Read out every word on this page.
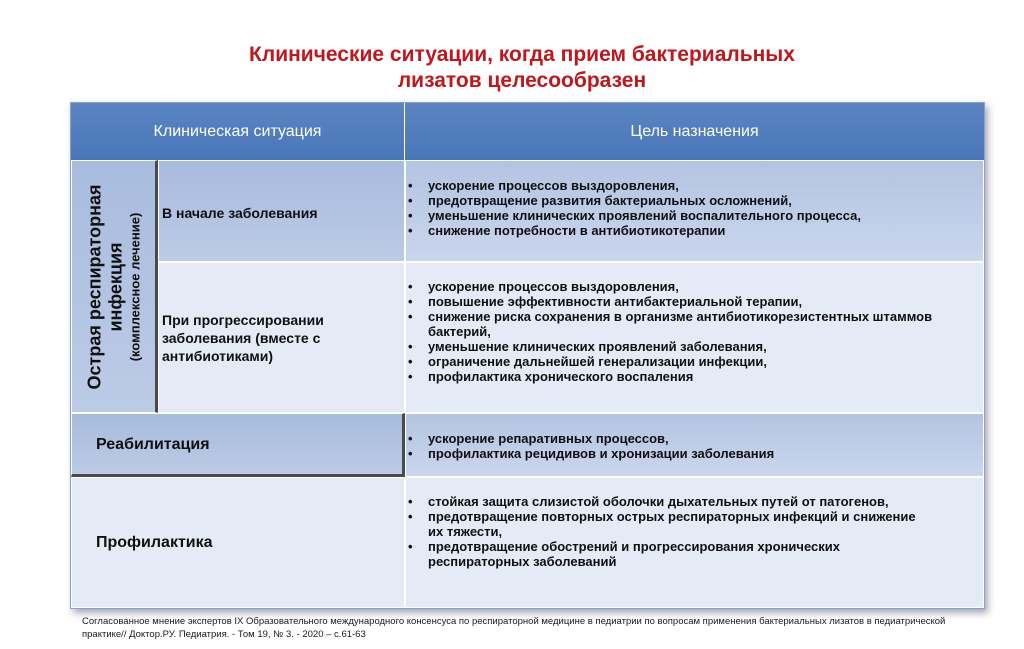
Клинические ситуации, когда прием бактериальных
лизатов целесообразен
Клиническая ситуация	Цель назначения
Острая респираторная инфекция (комплексное лечение) В начале заболевания
• ускорение процессов выздоровления,
• предотвращение развития бактериальных осложнений,
• уменьшение клинических проявлений воспалительного процесса,
• снижение потребности в антибиотикотерапии
При прогрессировании заболевания (вместе с антибиотиками)
• ускорение процессов выздоровления,
• повышение эффективности антибактериальной терапии,
• снижение риска сохранения в организме антибиотикорезистентных штаммов бактерий,
• уменьшение клинических проявлений заболевания,
• ограничение дальнейшей генерализации инфекции,
• профилактика хронического воспаления
Реабилитация
•	ускорение репаративных процессов,
• профилактика рецидивов и хронизации заболевания
Профилактика
• стойкая защита слизистой оболочки дыхательных путей от патогенов,
• предотвращение повторных острых респираторных инфекций и снижение их тяжести,
• предотвращение обострений и прогрессирования хронических респираторных заболеваний
Согласованное мнение экспертов IX Образовательного международного консенсуса по респираторной медицине в педиатрии по вопросам применения бактериальных лизатов в педиатрической практике// Доктор.РУ. Педиатрия. - Том 19, № 3. - 2020 – с.61-63
